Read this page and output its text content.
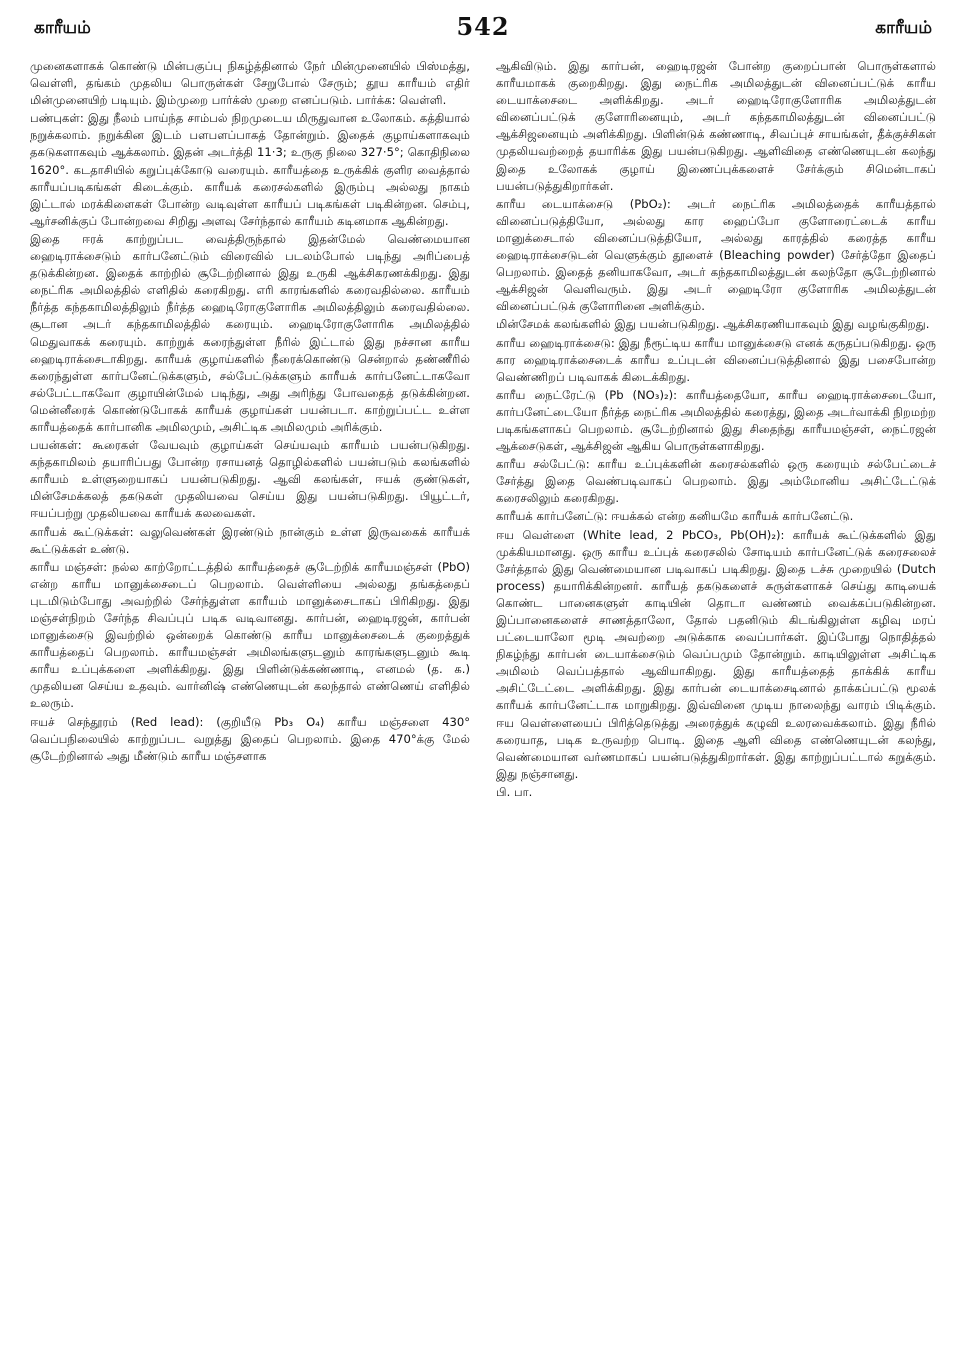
காரீயம்	542	காரீயம்

முனைகளாகக் கொண்டு மின்பகுப்பு நிகழ்த்தினால் நேர் மின்முனையில் பிஸ்மத்து, வெள்ளி, தங்கம் முதலிய பொருள்கள் சேறுபோல் சேரும்; தூய காரீயம் எதிர் மின்முனையிற் படியும். இம்முறை பார்க்ஸ் முறை எனப்படும். பார்க்க: வெள்ளி.

பண்புகள்: இது நீலம் பாய்ந்த சாம்பல் நிறமுடைய மிருதுவான உலோகம். கத்தியால் நறுக்கலாம். நறுக்கின இடம் பளபளப்பாகத் தோன்றும். இதைக் குழாய்களாகவும் தகடுகளாகவும் ஆக்கலாம். இதன் அடர்த்தி 11·3; உருகு நிலை 327·5°; கொதிநிலை 1620°. கடதாசியில் கறுப்புக்கோடு வரையும். காரீயத்தை உருக்கிக் குளிர வைத்தால் காரீயப்படிகங்கள் கிடைக்கும். காரீயக் கரைசல்களில் இரும்பு அல்லது நாகம் இட்டால் மரக்கிளைகள் போன்ற வடிவுள்ள காரீயப் படிகங்கள் படிகின்றன. செம்பு, ஆர்சனிக்குப் போன்றவை சிறிது அளவு சேர்ந்தால் காரீயம் கடினமாக ஆகின்றது.

இதை ஈரக் காற்றுப்பட வைத்திருந்தால் இதன்மேல் வெண்மையான ஹைடிராக்சைடும் கார்பனேட்டும் விரைவில் படலம்போல் படிந்து அரிப்பைத் தடுக்கின்றன. இதைக் காற்றில் சூடேற்றினால் இது உருகி ஆக்சிகரணக்கிறது. இது நைட்ரிக அமிலத்தில் எளிதில் கரைகிறது. எரி காரங்களில் கரைவதில்லை. காரீயம் நீர்த்த கந்தகாமிலத்திலும் நீர்த்த ஹைடிரோகுளோரிக அமிலத்திலும் கரைவதில்லை. சூடான அடர் கந்தகாமிலத்தில் கரையும். ஹைடிரோகுளோரிக அமிலத்தில் மெதுவாகக் கரையும். காற்றுக் கரைந்துள்ள நீரில் இட்டால் இது நச்சான காரீய ஹைடிராக்சைடாகிறது. காரீயக் குழாய்களில் நீரைக்கொண்டு சென்றால் தண்ணீரில் கரைந்துள்ள கார்பனேட்டுக்களும், சல்பேட்டுக்களும் காரீயக் கார்பனேட்டாகவோ சல்பேட்டாகவோ குழாயின்மேல் படிந்து, அது அரிந்து போவதைத் தடுக்கின்றன. மென்னீரைக் கொண்டுபோகக் காரீயக் குழாய்கள் பயன்படா. காற்றுப்பட்ட உள்ள காரீயத்தைக் கார்பானிக அமிலமும், அசிட்டிக அமிலமும் அரிக்கும்.

பயன்கள்: கூரைகள் வேயவும் குழாய்கள் செய்யவும் காரீயம் பயன்படுகிறது. கந்தகாமிலம் தயாரிப்பது போன்ற ரசாயனத் தொழில்களில் பயன்படும் கலங்களில் காரீயம் உள்ளுறையாகப் பயன்படுகிறது. ஆவி கலங்கள், ஈயக் குண்டுகள், மின்சேமக்கலத் தகடுகள் முதலியவை செய்ய இது பயன்படுகிறது. பியூட்டர், ஈயப்பற்று முதலியவை காரீயக் கலவைகள்.

காரீயக் கூட்டுக்கள்: வலுவெண்கள் இரண்டும் நான்கும் உள்ள இருவகைக் காரீயக் கூட்டுக்கள் உண்டு.

காரீய மஞ்சள்: நல்ல காற்றோட்டத்தில் காரீயத்தைச் சூடேற்றிக் காரீயமஞ்சள் (PbO) என்ற காரீய மானுக்சைடைப் பெறலாம். வெள்ளியை அல்லது தங்கத்தைப் புடமிடும்போது அவற்றில் சேர்ந்துள்ள காரீயம் மானுக்சைடாகப் பிரிகிறது. இது மஞ்சள்நிறம் சேர்ந்த சிவப்புப் படிக வடிவானது. கார்பன், ஹைடிரஜன், கார்பன் மானுக்சைடு இவற்றில் ஒன்றைக் கொண்டு காரீய மானுக்சைடைக் குறைத்துக் காரீயத்தைப் பெறலாம். காரீயமஞ்சள் அமிலங்களுடனும் காரங்களுடனும் கூடி காரீய உப்புக்களை அளிக்கிறது. இது பிளின்டுக்கண்ணாடி, எனமல் (த. க.) முதலியன செய்ய உதவும். வார்னிஷ் எண்ணெயுடன் கலந்தால் எண்ணெய் எளிதில் உலரும்.

ஈயச் செந்தூரம் (Red lead): (குறியீடு Pb₃ O₄) காரீய மஞ்சளை 430° வெப்பநிலையில் காற்றுப்பட வறுத்து இதைப் பெறலாம். இதை 470°க்கு மேல் சூடேற்றினால் அது மீண்டும் காரீய மஞ்சளாக

ஆகிவிடும். இது கார்பன், ஹைடிரஜன் போன்ற குறைப்பான் பொருள்களால் காரீயமாகக் குறைகிறது. இது நைட்ரிக அமிலத்துடன் வினைப்பட்டுக் காரீய டையாக்சைடை அளிக்கிறது. அடர் ஹைடிரோகுளோரிக அமிலத்துடன் வினைப்பட்டுக் குளோரினையும், அடர் கந்தகாமிலத்துடன் வினைப்பட்டு ஆக்சிஜனையும் அளிக்கிறது. பிளின்டுக் கண்ணாடி, சிவப்புச் சாயங்கள், தீக்குச்சிகள் முதலியவற்றைத் தயாரிக்க இது பயன்படுகிறது. ஆளிவிதை எண்ணெயுடன் கலந்து இதை உலோகக் குழாய் இணைப்புக்களைச் சேர்க்கும் சிமென்டாகப் பயன்படுத்துகிறார்கள்.

காரீய டையாக்சைடு (PbO₂): அடர் நைட்ரிக அமிலத்தைக் காரீயத்தால் வினைப்படுத்தியோ, அல்லது கார ஹைப்போ குளோரைட்டைக் காரீய மானுக்சைடால் வினைப்படுத்தியோ, அல்லது காரத்தில் கரைத்த காரீய ஹைடிராக்சைடுடன் வெளுக்கும் தூளைச் (Bleaching powder) சேர்த்தோ இதைப் பெறலாம். இதைத் தனியாகவோ, அடர் கந்தகாமிலத்துடன் கலந்தோ சூடேற்றினால் ஆக்சிஜன் வெளிவரும். இது அடர் ஹைடிரோ குளோரிக அமிலத்துடன் வினைப்பட்டுக் குளோரினை அளிக்கும்.

மின்சேமக் கலங்களில் இது பயன்படுகிறது. ஆக்சிகரணியாகவும் இது வழங்குகிறது.

காரீய ஹைடிராக்சைடு: இது நீரூட்டிய காரீய மானுக்சைடு எனக் கருதப்படுகிறது. ஒரு கார ஹைடிராக்சைடைக் காரீய உப்புடன் வினைப்படுத்தினால் இது பசைபோன்ற வெண்ணிறப் படிவாகக் கிடைக்கிறது.

காரீய நைட்ரேட்டு (Pb (NO₃)₂): காரீயத்தையோ, காரீய ஹைடிராக்சைடையோ, கார்பனேட்டையோ நீர்த்த நைட்ரிக அமிலத்தில் கரைத்து, இதை அடர்வாக்கி நிறமற்ற படிகங்களாகப் பெறலாம். சூடேற்றினால் இது சிதைந்து காரீயமஞ்சள், நைட்ரஜன் ஆக்சைடுகள், ஆக்சிஜன் ஆகிய பொருள்களாகிறது.

காரீய சல்பேட்டு: காரீய உப்புக்களின் கரைசல்களில் ஒரு கரையும் சல்பேட்டைச் சேர்த்து இதை வெண்படிவாகப் பெறலாம். இது அம்மோனிய அசிட்டேட்டுக் கரைசலிலும் கரைகிறது.

காரீயக் கார்பனேட்டு: ஈயக்கல் என்ற கனியமே காரீயக் கார்பனேட்டு.

ஈய வெள்ளை (White lead, 2 PbCO₃, Pb(OH)₂): காரீயக் கூட்டுக்களில் இது முக்கியமானது. ஒரு காரீய உப்புக் கரைசலில் சோடியம் கார்பனேட்டுக் கரைசலைச் சேர்த்தால் இது வெண்மையான படிவாகப் படிகிறது. இதை டச்சு முறையில் (Dutch process) தயாரிக்கின்றனர். காரீயத் தகடுகளைச் சுருள்களாகச் செய்து காடியைக் கொண்ட பானைகளுள் காடியின் தொடா வண்ணம் வைக்கப்படுகின்றன. இப்பானைகளைச் சாணத்தாலோ, தோல் பதனிடும் கிடங்கிலுள்ள கழிவு மரப் பட்டையாலோ மூடி அவற்றை அடுக்காக வைப்பார்கள். இப்போது நொதித்தல் நிகழ்ந்து கார்பன் டையாக்சைடும் வெப்பமும் தோன்றும். காடியிலுள்ள அசிட்டிக அமிலம் வெப்பத்தால் ஆவியாகிறது. இது காரீயத்தைத் தாக்கிக் காரீய அசிட்டேட்டை அளிக்கிறது. இது கார்பன் டையாக்சைடினால் தாக்கப்பட்டு மூலக் காரீயக் கார்பனேட்டாக மாறுகிறது. இவ்வினை முடிய நாலைந்து வாரம் பிடிக்கும். ஈய வெள்ளையைப் பிரித்தெடுத்து அரைத்துக் கழுவி உலரவைக்கலாம். இது நீரில் கரையாத, படிக உருவற்ற பொடி. இதை ஆளி விதை எண்ணெயுடன் கலந்து, வெண்மையான வர்ணமாகப் பயன்படுத்துகிறார்கள். இது காற்றுப்பட்டால் கறுக்கும். இது நஞ்சானது.

பி. பா.
